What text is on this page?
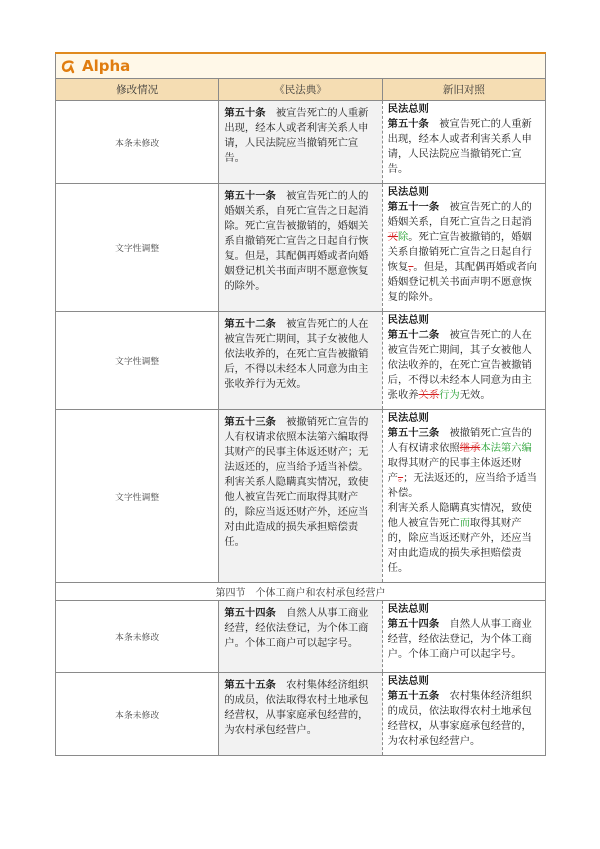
Alpha		

修改情况	《民法典》	新旧对照
本条未修改	第五十条　 被宣告死亡的人重新出现，经本人或者利害关系人申请，人民法院应当撤销死亡宣告。	民法总则
第五十条　 被宣告死亡的人重新出现，经本人或者利害关系人申请，人民法院应当撤销死亡宣告。

文字性调整	第五十一条　 被宣告死亡的人的婚姻关系，自死亡宣告之日起消除。死亡宣告被撤销的，婚姻关系自撤销死亡宣告之日起自行恢复。但是，其配偶再婚或者向婚姻登记机关书面声明不愿意恢复的除外。	民法总则
第五十一条　 被宣告死亡的人的婚姻关系，自死亡宣告之日起消灭除。死亡宣告被撤销的，婚姻关系自撤销死亡宣告之日起自行恢复，。但是，其配偶再婚或者向婚姻登记机关书面声明不愿意恢复的除外。

文字性调整	第五十二条　 被宣告死亡的人在被宣告死亡期间，其子女被他人依法收养的，在死亡宣告被撤销后，不得以未经本人同意为由主张收养行为无效。	民法总则
第五十二条　 被宣告死亡的人在被宣告死亡期间，其子女被他人依法收养的，在死亡宣告被撤销后，不得以未经本人同意为由主张收养关系行为无效。

文字性调整	第五十三条　 被撤销死亡宣告的人有权请求依照本法第六编取得其财产的民事主体返还财产；无法返还的，应当给予适当补偿。
利害关系人隐瞒真实情况，致使他人被宣告死亡而取得其财产的，除应当返还财产外，还应当对由此造成的损失承担赔偿责任。	民法总则
第五十三条　 被撤销死亡宣告的人有权请求依照继承本法第六编取得其财产的民事主体返还财产。；无法返还的，应当给予适当补偿。
利害关系人隐瞒真实情况，致使他人被宣告死亡而取得其财产的，除应当返还财产外，还应当对由此造成的损失承担赔偿责任。

第四节　个体工商户和农村承包经营户		
本条未修改	第五十四条　 自然人从事工商业经营，经依法登记，为个体工商户。个体工商户可以起字号。	民法总则
第五十四条　 自然人从事工商业经营，经依法登记，为个体工商户。个体工商户可以起字号。

本条未修改	第五十五条　 农村集体经济组织的成员，依法取得农村土地承包经营权，从事家庭承包经营的，为农村承包经营户。	民法总则
第五十五条　 农村集体经济组织的成员，依法取得农村土地承包经营权，从事家庭承包经营的，为农村承包经营户。
